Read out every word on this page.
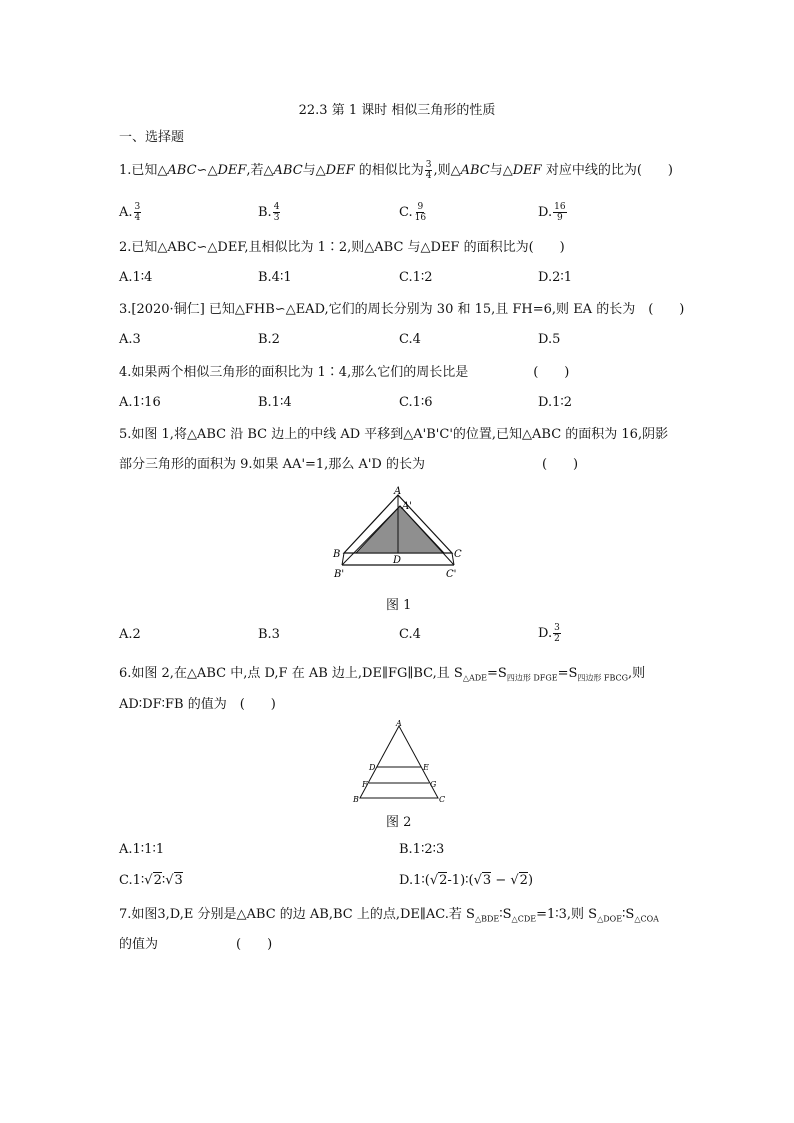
22.3 第 1 课时 相似三角形的性质
一、选择题
1.已知△ABC∽△DEF,若△ABC与△DEF 的相似比为 $\frac{3}{4}$ ,则△ABC与△DEF 对应中线的比为(　　)
A. $\frac{3}{4}$	B. $\frac{4}{3}$	C. $\frac{9}{16}$	D. $\frac{16}{9}$
2.已知△ABC∽△DEF,且相似比为 1∶2,则△ABC 与△DEF 的面积比为(　　)
A.1∶4	B.4∶1	C.1∶2	D.2∶1
3.[2020·铜仁] 已知△FHB∽△EAD,它们的周长分别为 30 和 15,且 FH=6,则 EA 的长为　(　　)
A.3	B.2	C.4	D.5
4.如果两个相似三角形的面积比为 1∶4,那么它们的周长比是　　　　　(　　)
A.1∶16	B.1∶4	C.1∶6	D.1∶2
5.如图 1,将△ABC 沿 BC 边上的中线 AD 平移到△A'B'C'的位置,已知△ABC 的面积为 16,阴影
部分三角形的面积为 9.如果 AA'=1,那么 A'D 的长为　　　　　　　　　(　　)
A
A'
B	C
D
B'	C'
图 1
A.2	B.3	C.4	D. $\frac{3}{2}$
6.如图 2,在△ABC 中,点 D,F 在 AB 边上,DE∥FG∥BC,且 $S_{\triangle ADE}=S_{四边形 DFGE}=S_{四边形 FBCG}$,则
AD∶DF∶FB 的值为　(　　)
A
D	E
F	G
B	C
图 2
A.1∶1∶1	B.1∶2∶3
C.1∶√2∶√3	D.1∶(√2-1)∶(√3 − √2)
7.如图3,D,E 分别是△ABC 的边 AB,BC 上的点,DE∥AC.若 $S_{\triangle BDE}∶S_{\triangle CDE}=1∶3$,则 $S_{\triangle DOE}∶S_{\triangle COA}$
的值为　　　　　　(　　)
